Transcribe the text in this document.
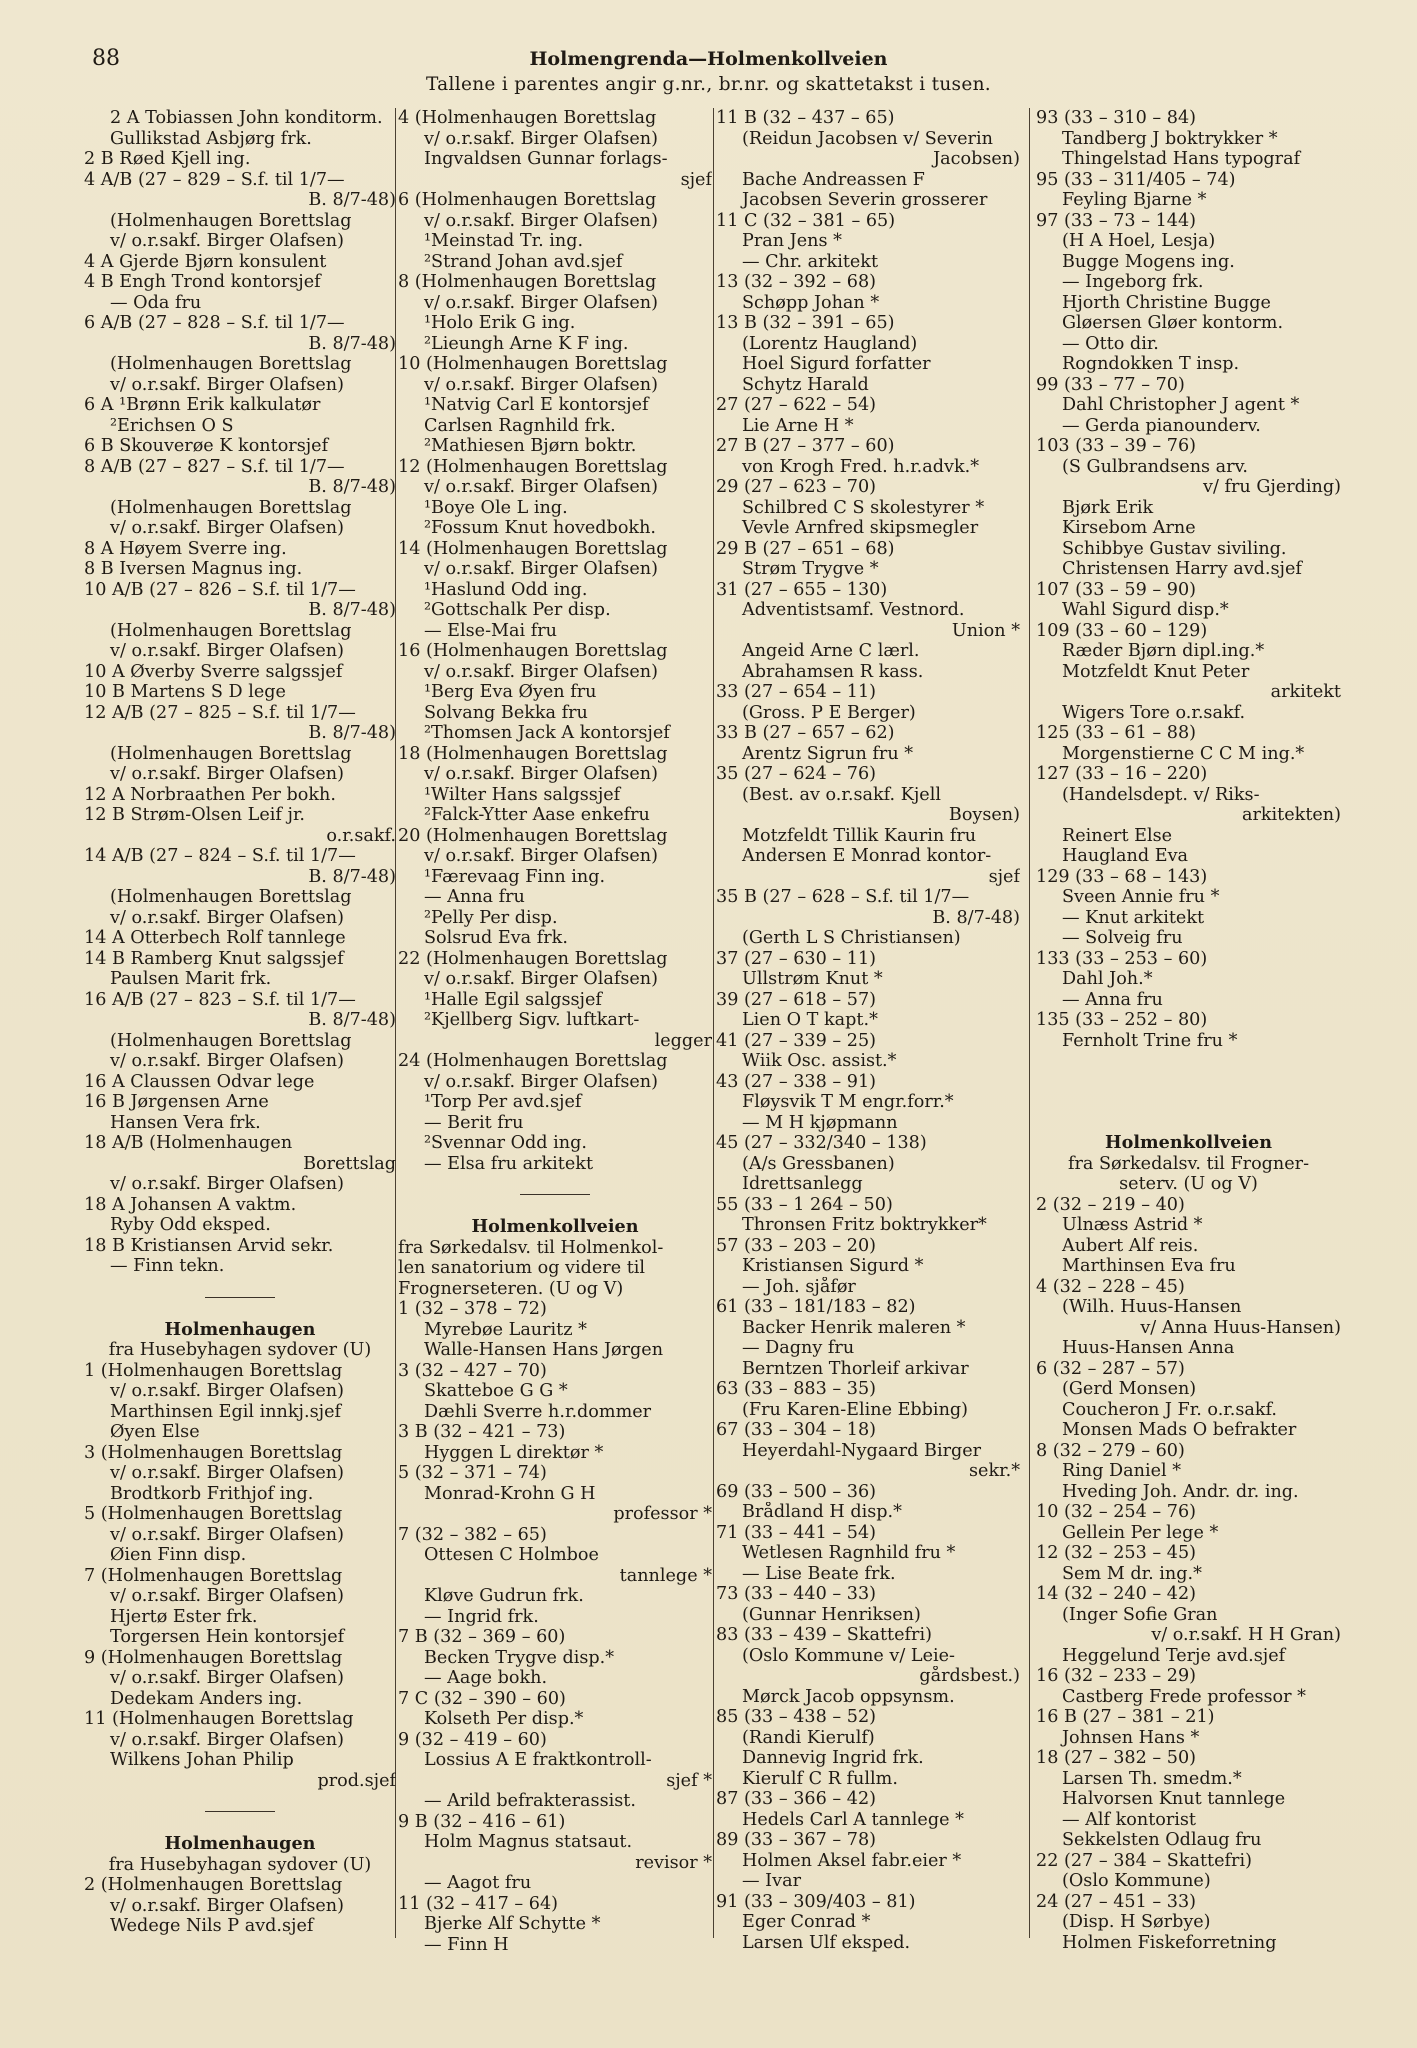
88	Holmengrenda—Holmenkollveien
Tallene i parentes angir g.nr., br.nr. og skattetakst i tusen.
2 A Tobiassen John konditorm.
Gullikstad Asbjørg frk.
2 B Røed Kjell ing.
4 A/B (27 – 829 – S.f. til 1/7—
B. 8/7-48)
(Holmenhaugen Borettslag
v/ o.r.sakf. Birger Olafsen)
4 A Gjerde Bjørn konsulent
4 B Engh Trond kontorsjef
— Oda fru
6 A/B (27 – 828 – S.f. til 1/7—
B. 8/7-48)
(Holmenhaugen Borettslag
v/ o.r.sakf. Birger Olafsen)
6 A ¹Brønn Erik kalkulatør
²Erichsen O S
6 B Skouverøe K kontorsjef
8 A/B (27 – 827 – S.f. til 1/7—
B. 8/7-48)
(Holmenhaugen Borettslag
v/ o.r.sakf. Birger Olafsen)
8 A Høyem Sverre ing.
8 B Iversen Magnus ing.
10 A/B (27 – 826 – S.f. til 1/7—
B. 8/7-48)
(Holmenhaugen Borettslag
v/ o.r.sakf. Birger Olafsen)
10 A Øverby Sverre salgssjef
10 B Martens S D lege
12 A/B (27 – 825 – S.f. til 1/7—
B. 8/7-48)
(Holmenhaugen Borettslag
v/ o.r.sakf. Birger Olafsen)
12 A Norbraathen Per bokh.
12 B Strøm-Olsen Leif jr.
o.r.sakf.
14 A/B (27 – 824 – S.f. til 1/7—
B. 8/7-48)
(Holmenhaugen Borettslag
v/ o.r.sakf. Birger Olafsen)
14 A Otterbech Rolf tannlege
14 B Ramberg Knut salgssjef
Paulsen Marit frk.
16 A/B (27 – 823 – S.f. til 1/7—
B. 8/7-48)
(Holmenhaugen Borettslag
v/ o.r.sakf. Birger Olafsen)
16 A Claussen Odvar lege
16 B Jørgensen Arne
Hansen Vera frk.
18 A/B (Holmenhaugen
Borettslag
v/ o.r.sakf. Birger Olafsen)
18 A Johansen A vaktm.
Ryby Odd eksped.
18 B Kristiansen Arvid sekr.
— Finn tekn.
Holmenhaugen
fra Husebyhagen sydover (U)
1 (Holmenhaugen Borettslag
v/ o.r.sakf. Birger Olafsen)
Marthinsen Egil innkj.sjef
Øyen Else
3 (Holmenhaugen Borettslag
v/ o.r.sakf. Birger Olafsen)
Brodtkorb Frithjof ing.
5 (Holmenhaugen Borettslag
v/ o.r.sakf. Birger Olafsen)
Øien Finn disp.
7 (Holmenhaugen Borettslag
v/ o.r.sakf. Birger Olafsen)
Hjertø Ester frk.
Torgersen Hein kontorsjef
9 (Holmenhaugen Borettslag
v/ o.r.sakf. Birger Olafsen)
Dedekam Anders ing.
11 (Holmenhaugen Borettslag
v/ o.r.sakf. Birger Olafsen)
Wilkens Johan Philip
prod.sjef
Holmenhaugen
fra Husebyhagan sydover (U)
2 (Holmenhaugen Borettslag
v/ o.r.sakf. Birger Olafsen)
Wedege Nils P avd.sjef
4 (Holmenhaugen Borettslag
v/ o.r.sakf. Birger Olafsen)
Ingvaldsen Gunnar forlags-
sjef
6 (Holmenhaugen Borettslag
v/ o.r.sakf. Birger Olafsen)
¹Meinstad Tr. ing.
²Strand Johan avd.sjef
8 (Holmenhaugen Borettslag
v/ o.r.sakf. Birger Olafsen)
¹Holo Erik G ing.
²Lieungh Arne K F ing.
10 (Holmenhaugen Borettslag
v/ o.r.sakf. Birger Olafsen)
¹Natvig Carl E kontorsjef
Carlsen Ragnhild frk.
²Mathiesen Bjørn boktr.
12 (Holmenhaugen Borettslag
v/ o.r.sakf. Birger Olafsen)
¹Boye Ole L ing.
²Fossum Knut hovedbokh.
14 (Holmenhaugen Borettslag
v/ o.r.sakf. Birger Olafsen)
¹Haslund Odd ing.
²Gottschalk Per disp.
— Else-Mai fru
16 (Holmenhaugen Borettslag
v/ o.r.sakf. Birger Olafsen)
¹Berg Eva Øyen fru
Solvang Bekka fru
²Thomsen Jack A kontorsjef
18 (Holmenhaugen Borettslag
v/ o.r.sakf. Birger Olafsen)
¹Wilter Hans salgssjef
²Falck-Ytter Aase enkefru
20 (Holmenhaugen Borettslag
v/ o.r.sakf. Birger Olafsen)
¹Færevaag Finn ing.
— Anna fru
²Pelly Per disp.
Solsrud Eva frk.
22 (Holmenhaugen Borettslag
v/ o.r.sakf. Birger Olafsen)
¹Halle Egil salgssjef
²Kjellberg Sigv. luftkart-
legger
24 (Holmenhaugen Borettslag
v/ o.r.sakf. Birger Olafsen)
¹Torp Per avd.sjef
— Berit fru
²Svennar Odd ing.
— Elsa fru arkitekt
Holmenkollveien
fra Sørkedalsv. til Holmenkol-
len sanatorium og videre til
Frognerseteren. (U og V)
1 (32 – 378 – 72)
Myrebøe Lauritz *
Walle-Hansen Hans Jørgen
3 (32 – 427 – 70)
Skatteboe G G *
Dæhli Sverre h.r.dommer
3 B (32 – 421 – 73)
Hyggen L direktør *
5 (32 – 371 – 74)
Monrad-Krohn G H
professor *
7 (32 – 382 – 65)
Ottesen C Holmboe
tannlege *
Kløve Gudrun frk.
— Ingrid frk.
7 B (32 – 369 – 60)
Becken Trygve disp.*
— Aage bokh.
7 C (32 – 390 – 60)
Kolseth Per disp.*
9 (32 – 419 – 60)
Lossius A E fraktkontroll-
sjef *
— Arild befrakterassist.
9 B (32 – 416 – 61)
Holm Magnus statsaut.
revisor *
— Aagot fru
11 (32 – 417 – 64)
Bjerke Alf Schytte *
— Finn H
11 B (32 – 437 – 65)
(Reidun Jacobsen v/ Severin
Jacobsen)
Bache Andreassen F
Jacobsen Severin grosserer
11 C (32 – 381 – 65)
Pran Jens *
— Chr. arkitekt
13 (32 – 392 – 68)
Schøpp Johan *
13 B (32 – 391 – 65)
(Lorentz Haugland)
Hoel Sigurd forfatter
Schytz Harald
27 (27 – 622 – 54)
Lie Arne H *
27 B (27 – 377 – 60)
von Krogh Fred. h.r.advk.*
29 (27 – 623 – 70)
Schilbred C S skolestyrer *
Vevle Arnfred skipsmegler
29 B (27 – 651 – 68)
Strøm Trygve *
31 (27 – 655 – 130)
Adventistsamf. Vestnord.
Union *
Angeid Arne C lærl.
Abrahamsen R kass.
33 (27 – 654 – 11)
(Gross. P E Berger)
33 B (27 – 657 – 62)
Arentz Sigrun fru *
35 (27 – 624 – 76)
(Best. av o.r.sakf. Kjell
Boysen)
Motzfeldt Tillik Kaurin fru
Andersen E Monrad kontor-
sjef
35 B (27 – 628 – S.f. til 1/7—
B. 8/7-48)
(Gerth L S Christiansen)
37 (27 – 630 – 11)
Ullstrøm Knut *
39 (27 – 618 – 57)
Lien O T kapt.*
41 (27 – 339 – 25)
Wiik Osc. assist.*
43 (27 – 338 – 91)
Fløysvik T M engr.forr.*
— M H kjøpmann
45 (27 – 332/340 – 138)
(A/s Gressbanen)
Idrettsanlegg
55 (33 – 1 264 – 50)
Thronsen Fritz boktrykker*
57 (33 – 203 – 20)
Kristiansen Sigurd *
— Joh. sjåfør
61 (33 – 181/183 – 82)
Backer Henrik maleren *
— Dagny fru
Berntzen Thorleif arkivar
63 (33 – 883 – 35)
(Fru Karen-Eline Ebbing)
67 (33 – 304 – 18)
Heyerdahl-Nygaard Birger
sekr.*
69 (33 – 500 – 36)
Brådland H disp.*
71 (33 – 441 – 54)
Wetlesen Ragnhild fru *
— Lise Beate frk.
73 (33 – 440 – 33)
(Gunnar Henriksen)
83 (33 – 439 – Skattefri)
(Oslo Kommune v/ Leie-
gårdsbest.)
Mørck Jacob oppsynsm.
85 (33 – 438 – 52)
(Randi Kierulf)
Dannevig Ingrid frk.
Kierulf C R fullm.
87 (33 – 366 – 42)
Hedels Carl A tannlege *
89 (33 – 367 – 78)
Holmen Aksel fabr.eier *
— Ivar
91 (33 – 309/403 – 81)
Eger Conrad *
Larsen Ulf eksped.
93 (33 – 310 – 84)
Tandberg J boktrykker *
Thingelstad Hans typograf
95 (33 – 311/405 – 74)
Feyling Bjarne *
97 (33 – 73 – 144)
(H A Hoel, Lesja)
Bugge Mogens ing.
— Ingeborg frk.
Hjorth Christine Bugge
Gløersen Gløer kontorm.
— Otto dir.
Rogndokken T insp.
99 (33 – 77 – 70)
Dahl Christopher J agent *
— Gerda pianounderv.
103 (33 – 39 – 76)
(S Gulbrandsens arv.
v/ fru Gjerding)
Bjørk Erik
Kirsebom Arne
Schibbye Gustav siviling.
Christensen Harry avd.sjef
107 (33 – 59 – 90)
Wahl Sigurd disp.*
109 (33 – 60 – 129)
Ræder Bjørn dipl.ing.*
Motzfeldt Knut Peter
arkitekt
Wigers Tore o.r.sakf.
125 (33 – 61 – 88)
Morgenstierne C C M ing.*
127 (33 – 16 – 220)
(Handelsdept. v/ Riks-
arkitekten)
Reinert Else
Haugland Eva
129 (33 – 68 – 143)
Sveen Annie fru *
— Knut arkitekt
— Solveig fru
133 (33 – 253 – 60)
Dahl Joh.*
— Anna fru
135 (33 – 252 – 80)
Fernholt Trine fru *
Holmenkollveien
fra Sørkedalsv. til Frogner-
seterv. (U og V)
2 (32 – 219 – 40)
Ulnæss Astrid *
Aubert Alf reis.
Marthinsen Eva fru
4 (32 – 228 – 45)
(Wilh. Huus-Hansen
v/ Anna Huus-Hansen)
Huus-Hansen Anna
6 (32 – 287 – 57)
(Gerd Monsen)
Coucheron J Fr. o.r.sakf.
Monsen Mads O befrakter
8 (32 – 279 – 60)
Ring Daniel *
Hveding Joh. Andr. dr. ing.
10 (32 – 254 – 76)
Gellein Per lege *
12 (32 – 253 – 45)
Sem M dr. ing.*
14 (32 – 240 – 42)
(Inger Sofie Gran
v/ o.r.sakf. H H Gran)
Heggelund Terje avd.sjef
16 (32 – 233 – 29)
Castberg Frede professor *
16 B (27 – 381 – 21)
Johnsen Hans *
18 (27 – 382 – 50)
Larsen Th. smedm.*
Halvorsen Knut tannlege
— Alf kontorist
Sekkelsten Odlaug fru
22 (27 – 384 – Skattefri)
(Oslo Kommune)
24 (27 – 451 – 33)
(Disp. H Sørbye)
Holmen Fiskeforretning
